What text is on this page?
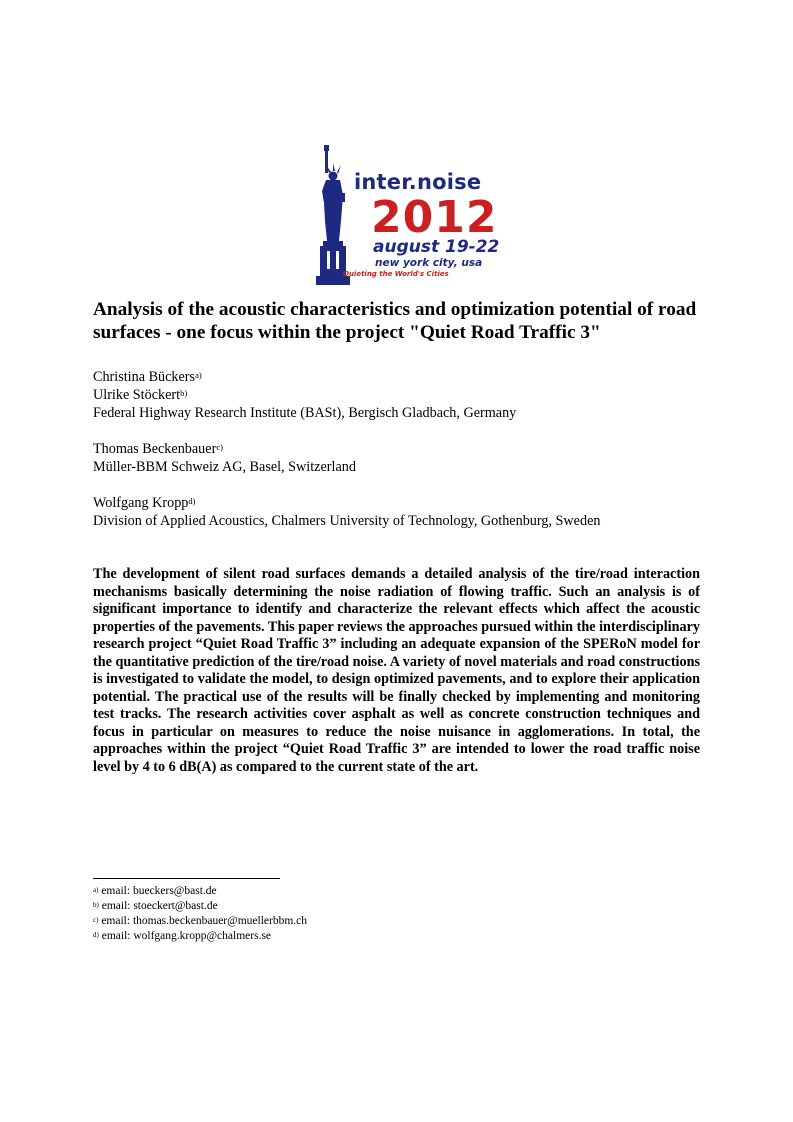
inter.noise
2012
august 19-22
new york city, usa
Quieting the World's Cities
Analysis of the acoustic characteristics and optimization potential of road surfaces - one focus within the project "Quiet Road Traffic 3"
Christina Bückers$^{a)}$
Ulrike Stöckert$^{b)}$
Federal Highway Research Institute (BASt), Bergisch Gladbach, Germany
Thomas Beckenbauer$^{c)}$
Müller-BBM Schweiz AG, Basel, Switzerland
Wolfgang Kropp$^{d)}$
Division of Applied Acoustics, Chalmers University of Technology, Gothenburg, Sweden

The development of silent road surfaces demands a detailed analysis of the tire/road interaction mechanisms basically determining the noise radiation of flowing traffic. Such an analysis is of significant importance to identify and characterize the relevant effects which affect the acoustic properties of the pavements. This paper reviews the approaches pursued within the interdisciplinary research project “Quiet Road Traffic 3” including an adequate expansion of the SPERoN model for the quantitative prediction of the tire/road noise. A variety of novel materials and road constructions is investigated to validate the model, to design optimized pavements, and to explore their application potential. The practical use of the results will be finally checked by implementing and monitoring test tracks. The research activities cover asphalt as well as concrete construction techniques and focus in particular on measures to reduce the noise nuisance in agglomerations. In total, the approaches within the project “Quiet Road Traffic 3” are intended to lower the road traffic noise level by 4 to 6 dB(A) as compared to the current state of the art.

$^{a)}$ email: bueckers@bast.de
$^{b)}$ email: stoeckert@bast.de
$^{c)}$ email: thomas.beckenbauer@muellerbbm.ch
$^{d)}$ email: wolfgang.kropp@chalmers.se
